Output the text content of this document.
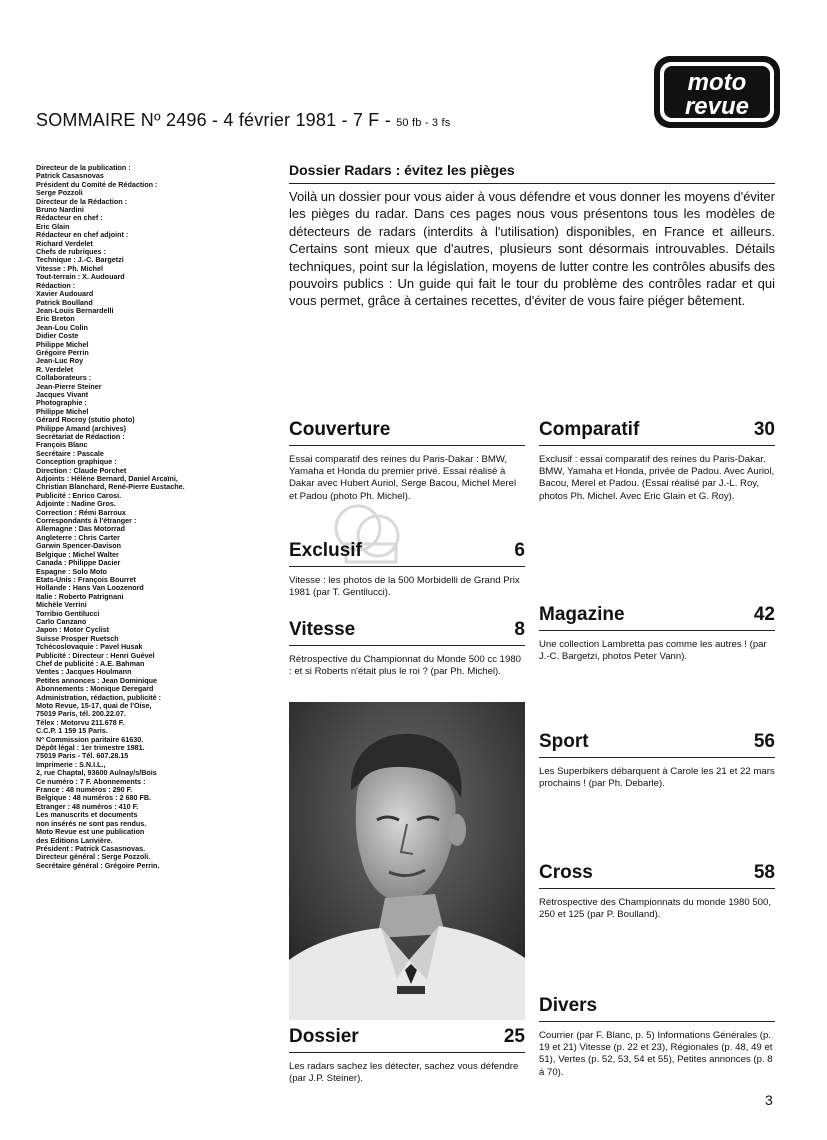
SOMMAIRE Nº 2496 - 4 février 1981 - 7 F - 50 fb - 3 fs
moto
revue
Directeur de la publication :
Patrick Casasnovas
Président du Comité de Rédaction :
Serge Pozzoli
Directeur de la Rédaction :
Bruno Nardini
Rédacteur en chef :
Eric Glain
Rédacteur en chef adjoint :
Richard Verdelet
Chefs de rubriques :
Technique : J.-C. Bargetzi
Vitesse : Ph. Michel
Tout-terrain : X. Audouard
Rédaction :
Xavier Audouard
Patrick Boulland
Jean-Louis Bernardelli
Eric Breton
Jean-Lou Colin
Didier Coste
Philippe Michel
Grégoire Perrin
Jean-Luc Roy
R. Verdelet
Collaborateurs :
Jean-Pierre Steiner
Jacques Vivant
Photographie :
Philippe Michel
Gérard Rocroy (stutio photo)
Philippe Amand (archives)
Secrétariat de Rédaction :
François Blanc
Secrétaire : Pascale
Conception graphique :
Direction : Claude Porchet
Adjoints : Hélène Bernard, Daniel Arcaïni,
Christian Blanchard, René-Pierre Eustache.
Publicité : Enrico Carosi.
Adjointe : Nadine Gros.
Correction : Rémi Barroux
Correspondants à l'étranger :
Allemagne : Das Motorrad
Angleterre : Chris Carter
Garwin Spencer-Davison
Belgique : Michel Walter
Canada : Philippe Dacier
Espagne : Solo Moto
Etats-Unis : François Bourret
Hollande : Hans Van Loozenord
Italie : Roberto Patrignani
Michèle Verrini
Torribio Gentilucci
Carlo Canzano
Japon : Motor Cyclist
Suisse Prosper Ruetsch
Tchécoslovaquie : Pavel Husak
Publicité : Directeur : Henri Guével
Chef de publicité : A.E. Bahman
Ventes : Jacques Houlmann
Petites annonces : Jean Dominique
Abonnements : Monique Deregard
Administration, rédaction, publicité :
Moto Revue, 15-17, quai de l'Oise,
75019 Paris, tél. 200.22.07.
Télex : Motorvu 211.678 F.
C.C.P. 1 159 15 Paris.
Nº Commission paritaire 61630.
Dépôt légal : 1er trimestre 1981.
75019 Paris - Tél. 607.28.15
Imprimerie : S.N.I.L.,
2, rue Chaptal, 93600 Aulnay/s/Bois
Ce numéro : 7 F. Abonnements :
France : 48 numéros : 290 F.
Belgique : 48 numéros : 2 680 FB.
Etranger : 48 numéros : 410 F.
Les manuscrits et documents
non insérés ne sont pas rendus.
Moto Revue est une publication
des Editions Larivière.
Président : Patrick Casasnovas.
Directeur général : Serge Pozzoli.
Secrétaire général : Grégoire Perrin.
Dossier Radars : évitez les pièges
Voilà un dossier pour vous aider à vous défendre et vous donner les moyens d'éviter les pièges du radar. Dans ces pages nous vous présentons tous les modèles de détecteurs de radars (interdits à l'utilisation) disponibles, en France et ailleurs. Certains sont mieux que d'autres, plusieurs sont désormais introuvables. Détails techniques, point sur la législation, moyens de lutter contre les contrôles abusifs des pouvoirs publics : Un guide qui fait le tour du problème des contrôles radar et qui vous permet, grâce à certaines recettes, d'éviter de vous faire piéger bêtement.
Couverture
Essai comparatif des reines du Paris-Dakar : BMW, Yamaha et Honda du premier privé. Essai réalisé à Dakar avec Hubert Auriol, Serge Bacou, Michel Merel et Padou (photo Ph. Michel).
Exclusif	6
Vitesse : les photos de la 500 Morbidelli de Grand Prix 1981 (par T. Gentilucci).
Vitesse	8
Rétrospective du Championnat du Monde 500 cc 1980 : et si Roberts n'était plus le roi ? (par Ph. Michel).
Dossier	25
Les radars sachez les détecter, sachez vous défendre (par J.P. Steiner).
Comparatif	30
Exclusif : essai comparatif des reines du Paris-Dakar. BMW, Yamaha et Honda, privée de Padou. Avec Auriol, Bacou, Merel et Padou. (Essai réalisé par J.-L. Roy, photos Ph. Michel. Avec Eric Glain et G. Roy).
Magazine	42
Une collection Lambretta pas comme les autres ! (par J.-C. Bargetzi, photos Peter Vann).
Sport	56
Les Superbikers débarquent à Carole les 21 et 22 mars prochains ! (par Ph. Debarle).
Cross	58
Rétrospective des Championnats du monde 1980 500, 250 et 125 (par P. Boulland).
Divers
Courrier (par F. Blanc, p. 5) Informations Générales (p. 19 et 21) Vitesse (p. 22 et 23), Régionales (p. 48, 49 et 51), Vertes (p. 52, 53, 54 et 55), Petites annonces (p. 8 à 70).
3
